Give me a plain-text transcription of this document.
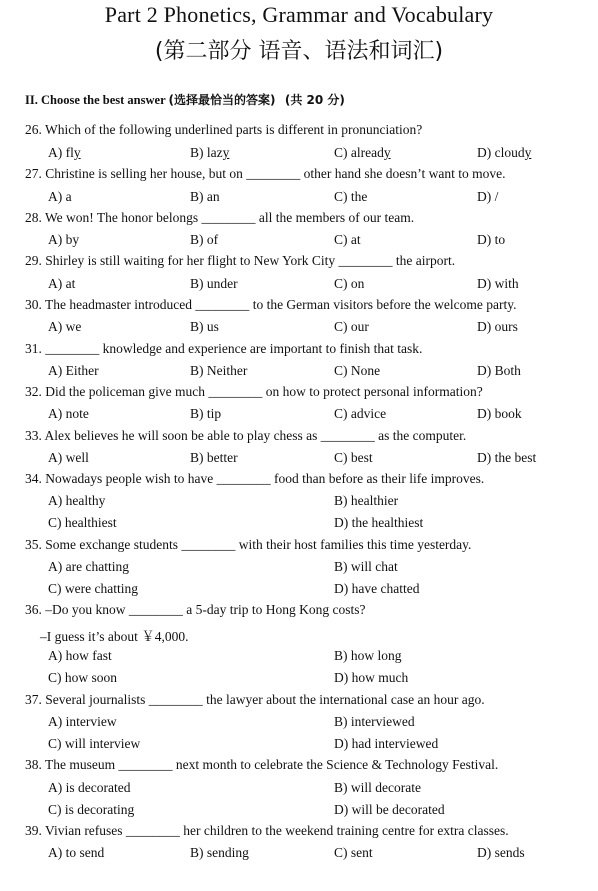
Part 2 Phonetics, Grammar and Vocabulary
(第二部分 语音、语法和词汇)
II. Choose the best answer (选择最恰当的答案) (共 20 分)
26. Which of the following underlined parts is different in pronunciation?
A) fly	B) lazy	C) already	D) cloudy
27. Christine is selling her house, but on ________ other hand she doesn’t want to move.
A) a	B) an	C) the	D) /
28. We won! The honor belongs ________ all the members of our team.
A) by	B) of	C) at	D) to
29. Shirley is still waiting for her flight to New York City ________ the airport.
A) at	B) under	C) on	D) with
30. The headmaster introduced ________ to the German visitors before the welcome party.
A) we	B) us	C) our	D) ours
31. ________ knowledge and experience are important to finish that task.
A) Either	B) Neither	C) None	D) Both
32. Did the policeman give much ________ on how to protect personal information?
A) note	B) tip	C) advice	D) book
33. Alex believes he will soon be able to play chess as ________ as the computer.
A) well	B) better	C) best	D) the best
34. Nowadays people wish to have ________ food than before as their life improves.
A) healthy	B) healthier
C) healthiest	D) the healthiest
35. Some exchange students ________ with their host families this time yesterday.
A) are chatting	B) will chat
C) were chatting	D) have chatted
36. –Do you know ________ a 5-day trip to Hong Kong costs?
–I guess it’s about ￥4,000.
A) how fast	B) how long
C) how soon	D) how much
37. Several journalists ________ the lawyer about the international case an hour ago.
A) interview	B) interviewed
C) will interview	D) had interviewed
38. The museum ________ next month to celebrate the Science & Technology Festival.
A) is decorated	B) will decorate
C) is decorating	D) will be decorated
39. Vivian refuses ________ her children to the weekend training centre for extra classes.
A) to send	B) sending	C) sent	D) sends
